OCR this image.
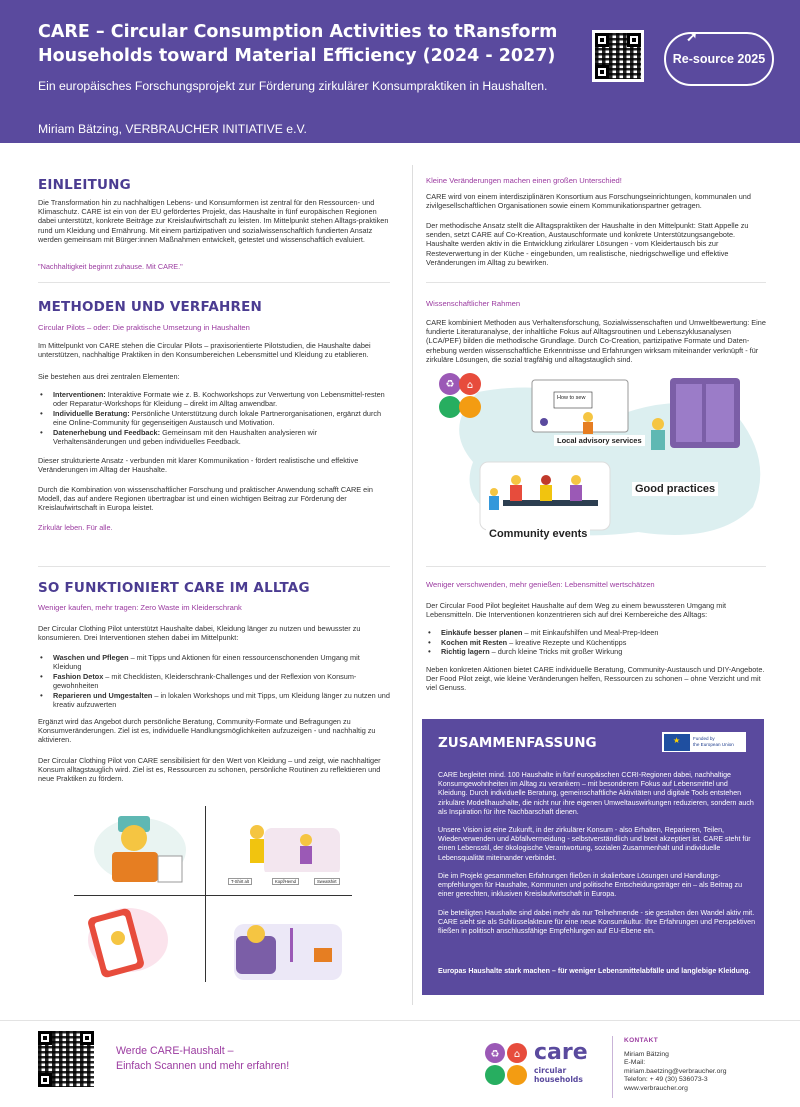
CARE – Circular Consumption Activities to tRansform Households toward Material Efficiency (2024 - 2027)
Ein europäisches Forschungsprojekt zur Förderung zirkulärer Konsumpraktiken in Haushalten.
Miriam Bätzing, VERBRAUCHER INITIATIVE e.V.
➚
Re-source 2025
EINLEITUNG
Die Transformation hin zu nachhaltigen Lebens- und Konsumformen ist zentral für den Ressourcen- und Klimaschutz. CARE ist ein von der EU gefördertes Projekt, das Haushalte in fünf europäischen Regionen dabei unterstützt, konkrete Beiträge zur Kreislaufwirtschaft zu leisten. Im Mittelpunkt stehen Alltags-praktiken rund um Kleidung und Ernährung. Mit einem partizipativen und sozialwissenschaftlich fundierten Ansatz werden gemeinsam mit Bürger:innen Maßnahmen entwickelt, getestet und wissenschaftlich evaluiert.
"Nachhaltigkeit beginnt zuhause. Mit CARE."
Kleine Veränderungen machen einen großen Unterschied!
CARE wird von einem interdisziplinären Konsortium aus Forschungseinrichtungen, kommunalen und zivilgesellschaftlichen Organisationen sowie einem Kommunikationspartner getragen.
Der methodische Ansatz stellt die Alltagspraktiken der Haushalte in den Mittelpunkt: Statt Appelle zu senden, setzt CARE auf Co-Kreation, Austauschformate und konkrete Unterstützungsangebote. Haushalte werden aktiv in die Entwicklung zirkulärer Lösungen - vom Kleidertausch bis zur Resteverwertung in der Küche - eingebunden, um realistische, niedrigschwellige und effektive Veränderungen im Alltag zu bewirken.
METHODEN UND VERFAHREN
Circular Pilots – oder: Die praktische Umsetzung in Haushalten
Im Mittelpunkt von CARE stehen die Circular Pilots – praxisorientierte Pilotstudien, die Haushalte dabei unterstützen, nachhaltige Praktiken in den Konsumbereichen Lebensmittel und Kleidung zu etablieren.
Sie bestehen aus drei zentralen Elementen:
• Interventionen: Interaktive Formate wie z. B. Kochworkshops zur Verwertung von Lebensmittel-resten oder Reparatur-Workshops für Kleidung – direkt im Alltag anwendbar.
• Individuelle Beratung: Persönliche Unterstützung durch lokale Partnerorganisationen, ergänzt durch eine Online-Community für gegenseitigen Austausch und Motivation.
• Datenerhebung und Feedback: Gemeinsam mit den Haushalten analysieren wir Verhaltensänderungen und geben individuelles Feedback.
Dieser strukturierte Ansatz - verbunden mit klarer Kommunikation - fördert realistische und effektive Veränderungen im Alltag der Haushalte.
Durch die Kombination von wissenschaftlicher Forschung und praktischer Anwendung schafft CARE ein Modell, das auf andere Regionen übertragbar ist und einen wichtigen Beitrag zur Förderung der Kreislaufwirtschaft in Europa leistet.
Zirkulär leben. Für alle.
Wissenschaftlicher Rahmen
CARE kombiniert Methoden aus Verhaltensforschung, Sozialwissenschaften und Umweltbewertung: Eine fundierte Literaturanalyse, der inhaltliche Fokus auf Alltagsroutinen und Lebenszyklusanalysen (LCA/PEF) bilden die methodische Grundlage. Durch Co-Creation, partizipative Formate und Daten-erhebung werden wissenschaftliche Erkenntnisse und Erfahrungen wirksam miteinander verknüpft - für zirkuläre Lösungen, die sozial tragfähig und alltagstauglich sind.
♻ ⌂
Local advisory services
Good practices
Community events
How to sew
SO FUNKTIONIERT CARE IM ALLTAG
Weniger kaufen, mehr tragen: Zero Waste im Kleiderschrank
Der Circular Clothing Pilot unterstützt Haushalte dabei, Kleidung länger zu nutzen und bewusster zu konsumieren. Drei Interventionen stehen dabei im Mittelpunkt:
• Waschen und Pflegen – mit Tipps und Aktionen für einen ressourcenschonenden Umgang mit Kleidung
• Fashion Detox – mit Checklisten, Kleiderschrank-Challenges und der Reflexion von Konsum-gewohnheiten
• Reparieren und Umgestalten – in lokalen Workshops und mit Tipps, um Kleidung länger zu nutzen und kreativ aufzuwerten
Ergänzt wird das Angebot durch persönliche Beratung, Community-Formate und Befragungen zu Konsumveränderungen. Ziel ist es, individuelle Handlungsmöglichkeiten aufzuzeigen - und nachhaltig zu aktivieren.
Der Circular Clothing Pilot von CARE sensibilisiert für den Wert von Kleidung – und zeigt, wie nachhaltiger Konsum alltagstauglich wird. Ziel ist es, Ressourcen zu schonen, persönliche Routinen zu reflektieren und neue Praktiken zu fördern.
T-Shirt alt	Kopf/Hemd	Sweatshirt
Weniger verschwenden, mehr genießen: Lebensmittel wertschätzen
Der Circular Food Pilot begleitet Haushalte auf dem Weg zu einem bewussteren Umgang mit Lebensmitteln. Die Interventionen konzentrieren sich auf drei Kernbereiche des Alltags:
• Einkäufe besser planen – mit Einkaufshilfen und Meal-Prep-Ideen
• Kochen mit Resten – kreative Rezepte und Küchentipps
• Richtig lagern – durch kleine Tricks mit großer Wirkung
Neben konkreten Aktionen bietet CARE individuelle Beratung, Community-Austausch und DIY-Angebote. Der Food Pilot zeigt, wie kleine Veränderungen helfen, Ressourcen zu schonen – ohne Verzicht und mit viel Genuss.
ZUSAMMENFASSUNG
★	Funded by
the European Union
CARE begleitet mind. 100 Haushalte in fünf europäischen CCRI-Regionen dabei, nachhaltige Konsumgewohnheiten im Alltag zu verankern – mit besonderem Fokus auf Lebensmittel und Kleidung. Durch individuelle Beratung, gemeinschaftliche Aktivitäten und digitale Tools entstehen zirkuläre Modellhaushalte, die nicht nur ihre eigenen Umweltauswirkungen reduzieren, sondern auch als Inspiration für ihre Nachbarschaft dienen.
Unsere Vision ist eine Zukunft, in der zirkulärer Konsum - also Erhalten, Reparieren, Teilen, Wiederverwenden und Abfallvermeidung - selbstverständlich und breit akzeptiert ist. CARE steht für einen Lebensstil, der ökologische Verantwortung, sozialen Zusammenhalt und individuelle Lebensqualität miteinander verbindet.
Die im Projekt gesammelten Erfahrungen fließen in skalierbare Lösungen und Handlungs-empfehlungen für Haushalte, Kommunen und politische Entscheidungsträger ein – als Beitrag zu einer gerechten, inklusiven Kreislaufwirtschaft in Europa.
Die beteiligten Haushalte sind dabei mehr als nur Teilnehmende - sie gestalten den Wandel aktiv mit. CARE sieht sie als Schlüsselakteure für eine neue Konsumkultur. Ihre Erfahrungen und Perspektiven fließen in politisch anschlussfähige Empfehlungen auf EU-Ebene ein.
Europas Haushalte stark machen – für weniger Lebensmittelabfälle und langlebige Kleidung.
Werde CARE-Haushalt –
Einfach Scannen und mehr erfahren!
♻ ⌂ care
circular
households
KONTAKT
Miriam Bätzing
E-Mail:
miriam.baetzing@verbraucher.org
Telefon: + 49 (30) 536073-3
www.verbraucher.org
